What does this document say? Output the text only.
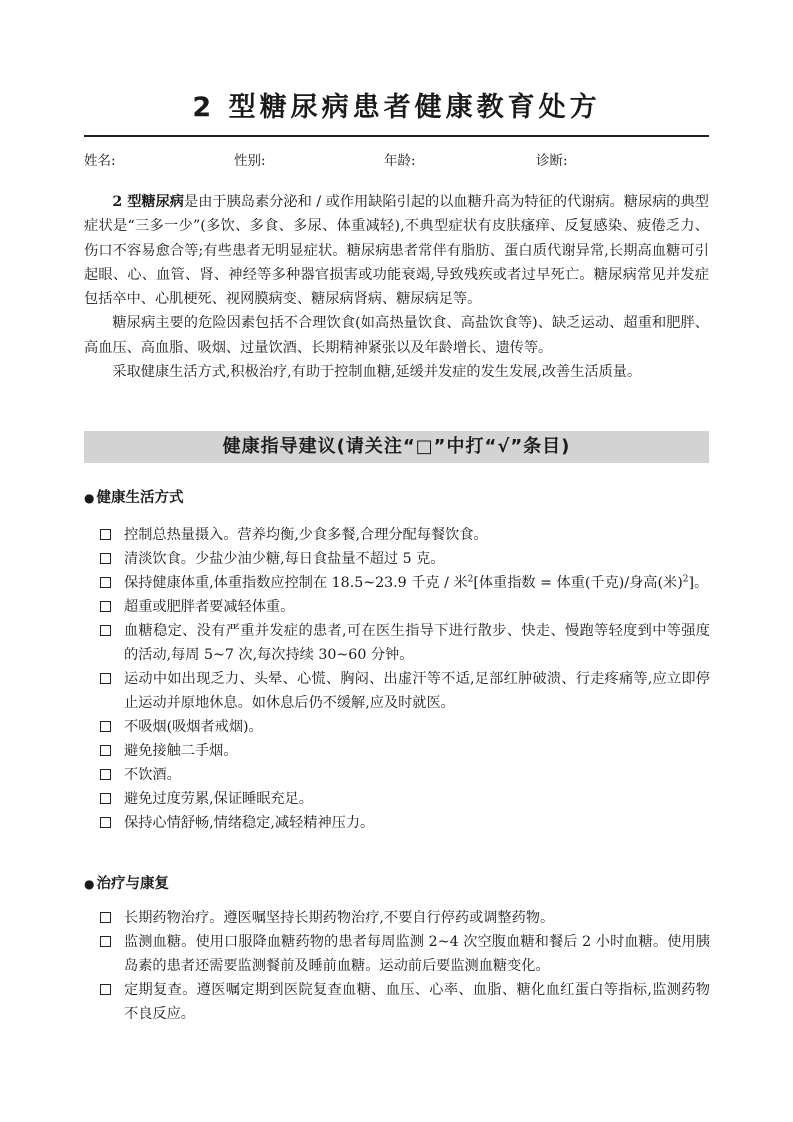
2 型糖尿病患者健康教育处方
姓名:	性别:	年龄:	诊断:

2 型糖尿病是由于胰岛素分泌和 / 或作用缺陷引起的以血糖升高为特征的代谢病。糖尿病的典型症状是“三多一少”(多饮、多食、多尿、体重减轻),不典型症状有皮肤瘙痒、反复感染、疲倦乏力、伤口不容易愈合等;有些患者无明显症状。糖尿病患者常伴有脂肪、蛋白质代谢异常,长期高血糖可引起眼、心、血管、肾、神经等多种器官损害或功能衰竭,导致残疾或者过早死亡。糖尿病常见并发症包括卒中、心肌梗死、视网膜病变、糖尿病肾病、糖尿病足等。

糖尿病主要的危险因素包括不合理饮食(如高热量饮食、高盐饮食等)、缺乏运动、超重和肥胖、高血压、高血脂、吸烟、过量饮酒、长期精神紧张以及年龄增长、遗传等。

采取健康生活方式,积极治疗,有助于控制血糖,延缓并发症的发生发展,改善生活质量。

健康指导建议(请关注“□”中打“√”条目)
● 健康生活方式
控制总热量摄入。营养均衡,少食多餐,合理分配每餐饮食。
清淡饮食。少盐少油少糖,每日食盐量不超过 5 克。
保持健康体重,体重指数应控制在 18.5~23.9 千克 / 米$^2$[体重指数 = 体重(千克)/身高(米)$^2$]。
超重或肥胖者要减轻体重。
血糖稳定、没有严重并发症的患者,可在医生指导下进行散步、快走、慢跑等轻度到中等强度的活动,每周 5~7 次,每次持续 30~60 分钟。
运动中如出现乏力、头晕、心慌、胸闷、出虚汗等不适,足部红肿破溃、行走疼痛等,应立即停止运动并原地休息。如休息后仍不缓解,应及时就医。
不吸烟(吸烟者戒烟)。
避免接触二手烟。
不饮酒。
避免过度劳累,保证睡眠充足。
保持心情舒畅,情绪稳定,减轻精神压力。
● 治疗与康复
长期药物治疗。遵医嘱坚持长期药物治疗,不要自行停药或调整药物。
监测血糖。使用口服降血糖药物的患者每周监测 2~4 次空腹血糖和餐后 2 小时血糖。使用胰岛素的患者还需要监测餐前及睡前血糖。运动前后要监测血糖变化。
定期复查。遵医嘱定期到医院复查血糖、血压、心率、血脂、糖化血红蛋白等指标,监测药物不良反应。
